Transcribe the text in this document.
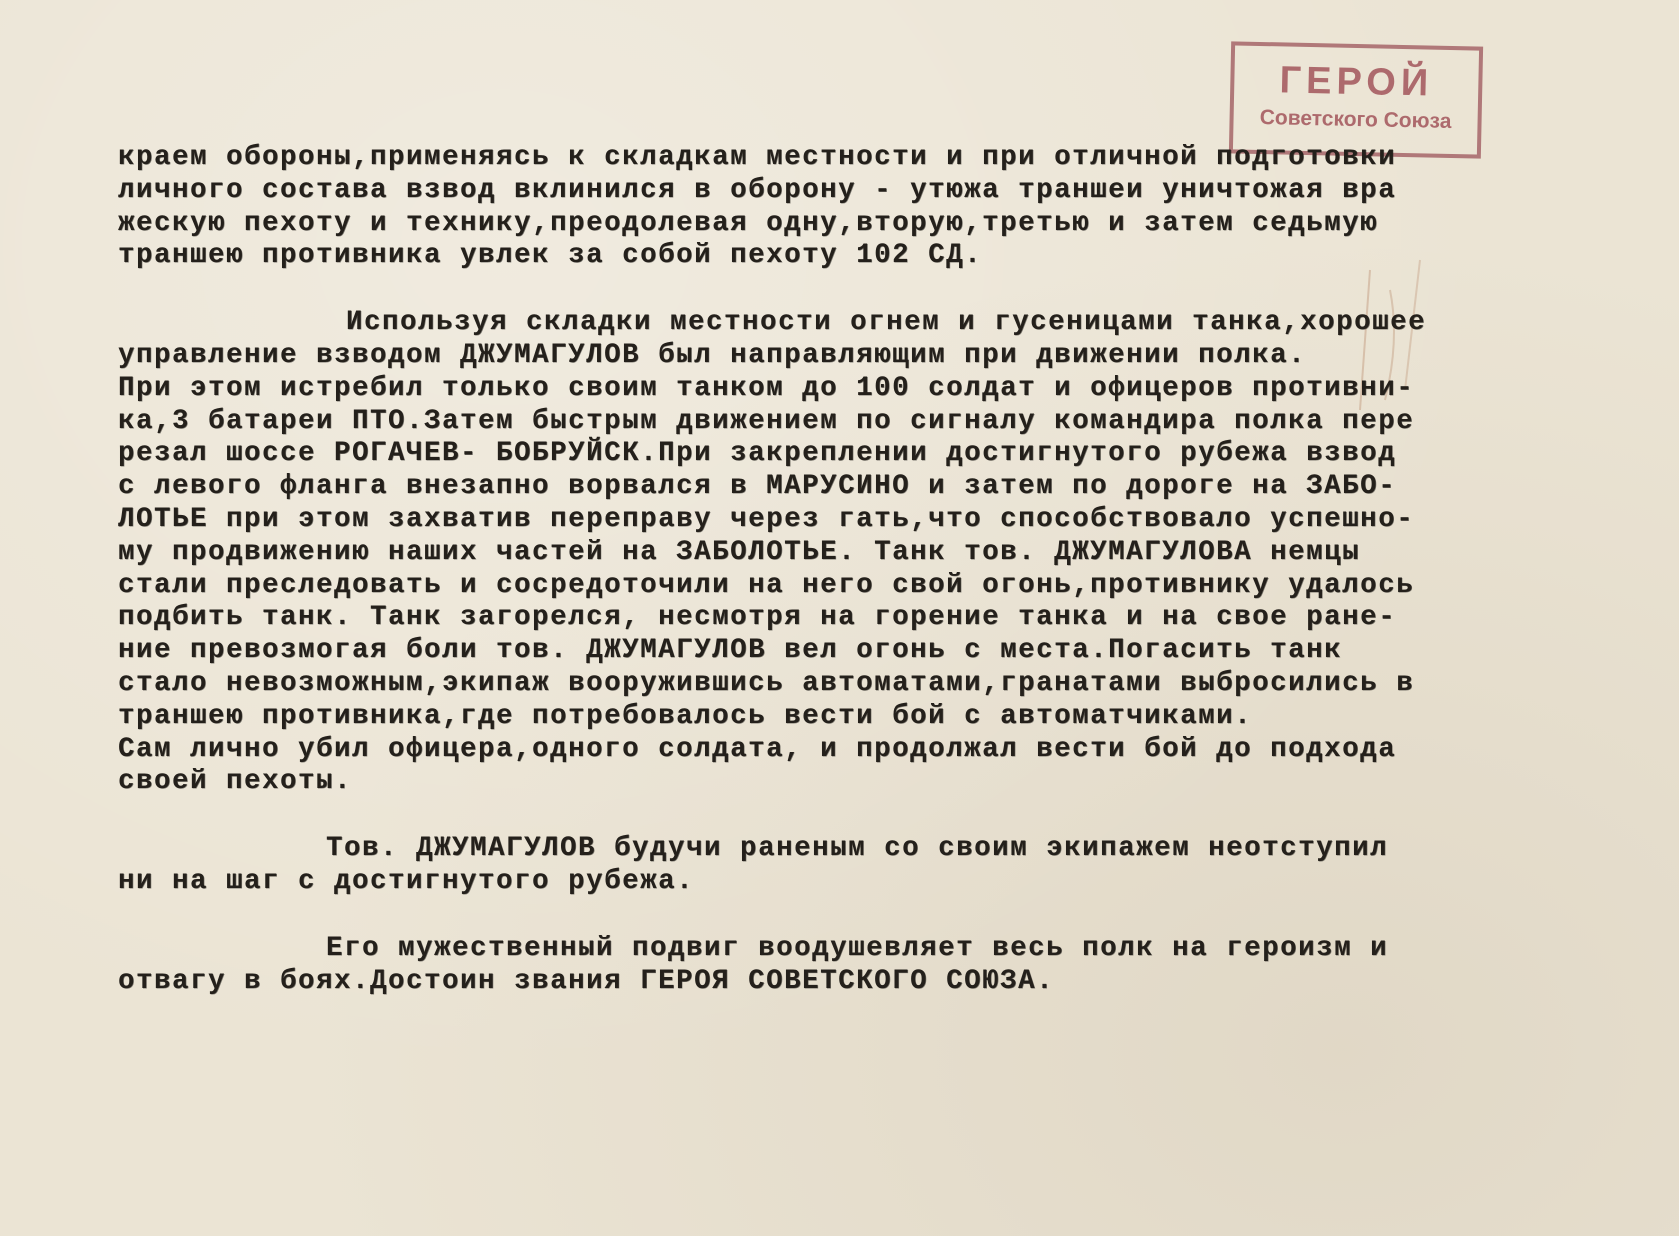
ГЕРОЙ
Советского Союза
краем обороны,применяясь к складкам местности и при отличной подготовки
личного состава взвод вклинился в оборону - утюжа траншеи уничтожая вра
жескую пехоту и технику,преодолевая одну,вторую,третью и затем седьмую
траншею противника увлек за собой пехоту 102 СД.
Используя складки местности огнем и гусеницами танка,хорошее
управление взводом ДЖУМАГУЛОВ был направляющим при движении полка.
При этом истребил только своим танком до 100 солдат и офицеров противни-
ка,3 батареи ПТО.Затем быстрым движением по сигналу командира полка пере
резал шоссе РОГАЧЕВ- БОБРУЙСК.При закреплении достигнутого рубежа взвод
с левого фланга внезапно ворвался в МАРУСИНО и затем по дороге на ЗАБО-
ЛОТЬЕ при этом захватив переправу через гать,что способствовало успешно-
му продвижению наших частей на ЗАБОЛОТЬЕ. Танк тов. ДЖУМАГУЛОВА немцы
стали преследовать и сосредоточили на него свой огонь,противнику удалось
подбить танк. Танк загорелся, несмотря на горение танка и на свое ране-
ние превозмогая боли тов. ДЖУМАГУЛОВ вел огонь с места.Погасить танк
стало невозможным,экипаж вооружившись автоматами,гранатами выбросились в
траншею противника,где потребовалось вести бой с автоматчиками.
Сам лично убил офицера,одного солдата, и продолжал вести бой до подхода
своей пехоты.
Тов. ДЖУМАГУЛОВ будучи раненым со своим экипажем неотступил
ни на шаг с достигнутого рубежа.
Его мужественный подвиг воодушевляет весь полк на героизм и
отвагу в боях.Достоин звания ГЕРОЯ СОВЕТСКОГО СОЮЗА.
